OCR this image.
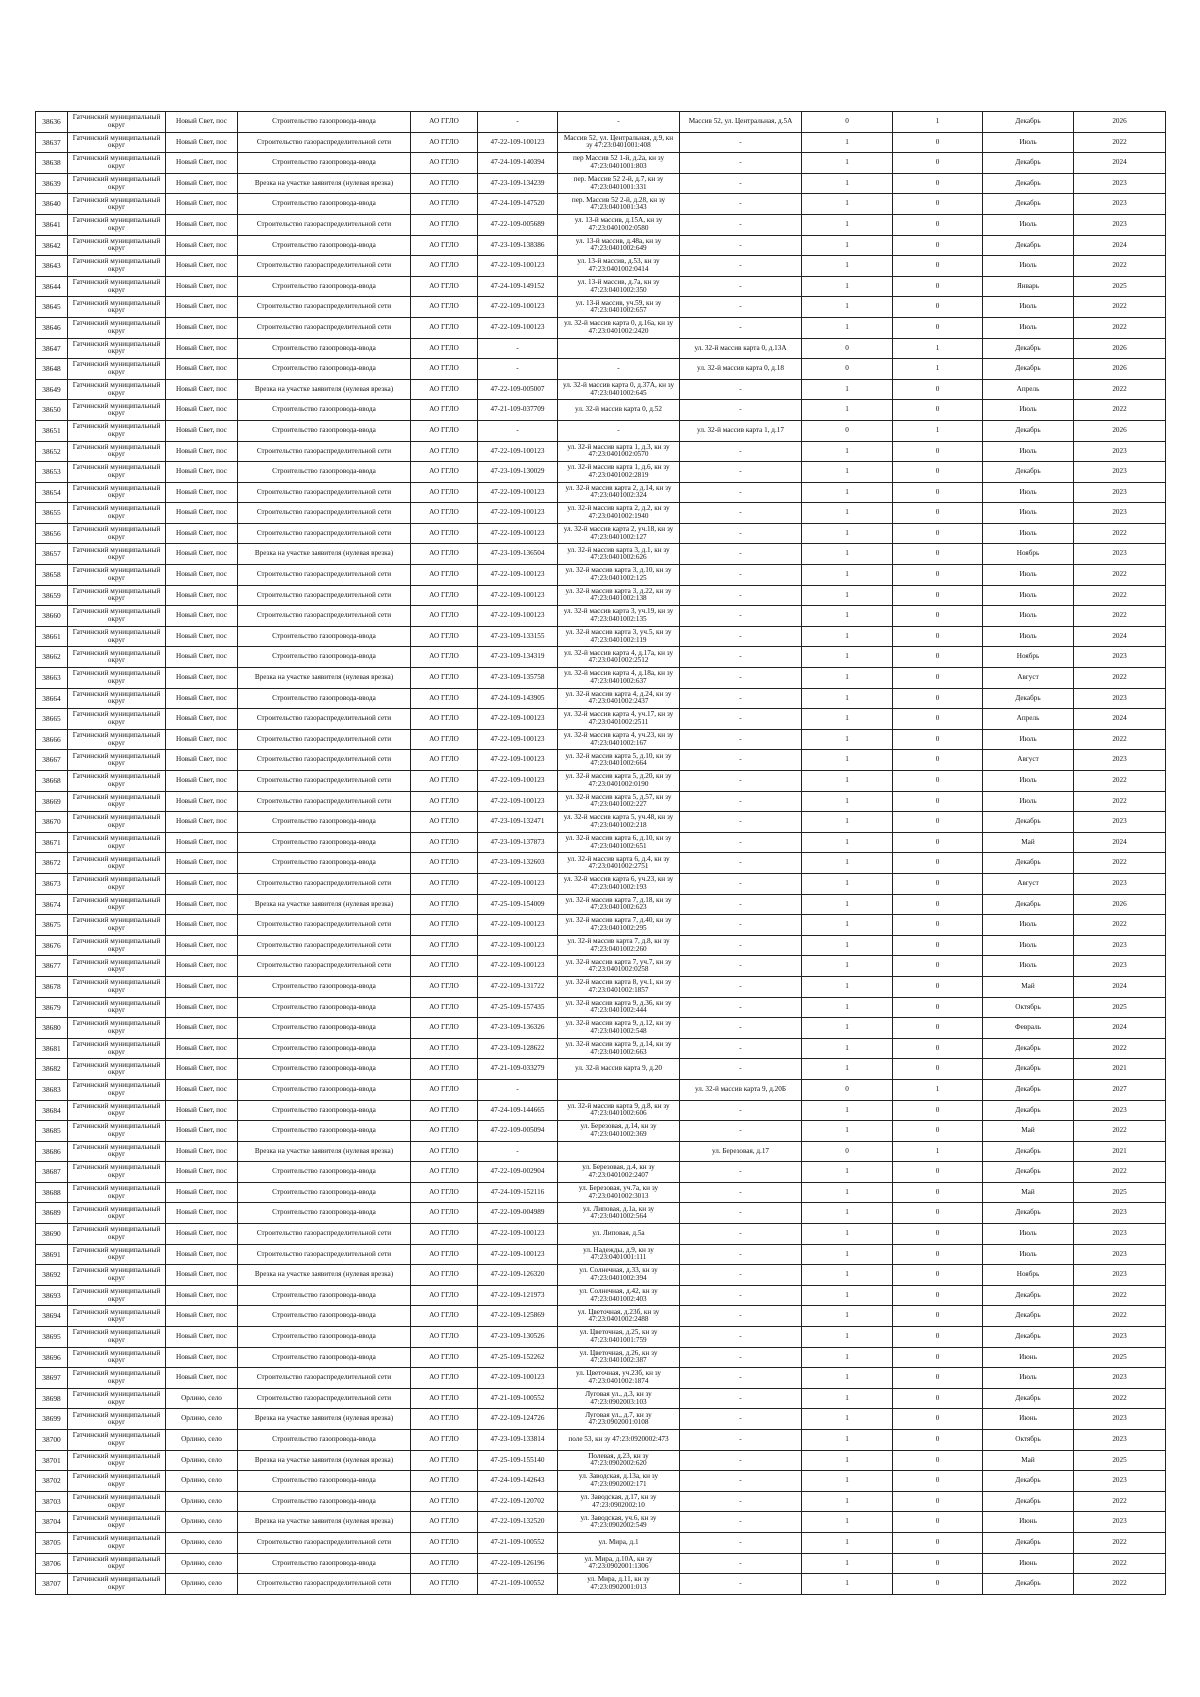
38636	Гатчинский муниципальный округ	Новый Свет, пос	Строительство газопровода-ввода	АО ГГЛО	-	-	Массив 52, ул. Центральная, д.5А	0	1	Декабрь	2026
38637	Гатчинский муниципальный округ	Новый Свет, пос	Строительство газораспределительной сети	АО ГГЛО	47-22-109-100123	Массив 52, ул. Центральная, д.9, кн зу 47:23:0401001:408	-	1	0	Июль	2022
38638	Гатчинский муниципальный округ	Новый Свет, пос	Строительство газопровода-ввода	АО ГГЛО	47-24-109-140394	пер Массив 52 1-й, д.2а, кн зу 47:23:0401001:803	-	1	0	Декабрь	2024
38639	Гатчинский муниципальный округ	Новый Свет, пос	Врезка на участке заявителя (нулевая врезка)	АО ГГЛО	47-23-109-134239	пер. Массив 52 2-й, д.7, кн зу 47:23:0401001:331	-	1	0	Декабрь	2023
38640	Гатчинский муниципальный округ	Новый Свет, пос	Строительство газопровода-ввода	АО ГГЛО	47-24-109-147520	пер. Массив 52 2-й, д.28, кн зу 47:23:0401001:343	-	1	0	Декабрь	2023
38641	Гатчинский муниципальный округ	Новый Свет, пос	Строительство газораспределительной сети	АО ГГЛО	47-22-109-005689	ул. 13-й массив, д.15А, кн зу 47:23:0401002:0580	-	1	0	Июль	2023
38642	Гатчинский муниципальный округ	Новый Свет, пос	Строительство газопровода-ввода	АО ГГЛО	47-23-109-138386	ул. 13-й массив, д.48а, кн зу 47:23:0401002:649	-	1	0	Декабрь	2024
38643	Гатчинский муниципальный округ	Новый Свет, пос	Строительство газораспределительной сети	АО ГГЛО	47-22-109-100123	ул. 13-й массив, д.53, кн зу 47:23:0401002:0414	-	1	0	Июль	2022
38644	Гатчинский муниципальный округ	Новый Свет, пос	Строительство газопровода-ввода	АО ГГЛО	47-24-109-149152	ул. 13-й массив, д.7а, кн зу 47:23:0401002:350	-	1	0	Январь	2025
38645	Гатчинский муниципальный округ	Новый Свет, пос	Строительство газораспределительной сети	АО ГГЛО	47-22-109-100123	ул. 13-й массив, уч.59, кн зу 47:23:0401002:657	-	1	0	Июль	2022
38646	Гатчинский муниципальный округ	Новый Свет, пос	Строительство газораспределительной сети	АО ГГЛО	47-22-109-100123	ул. 32-й массив карта 0, д.16а, кн зу 47:23:0401002:2420	-	1	0	Июль	2022
38647	Гатчинский муниципальный округ	Новый Свет, пос	Строительство газопровода-ввода	АО ГГЛО	-		ул. 32-й массив карта 0, д.13А	0	1	Декабрь	2026
38648	Гатчинский муниципальный округ	Новый Свет, пос	Строительство газопровода-ввода	АО ГГЛО	-	-	ул. 32-й массив карта 0, д.18	0	1	Декабрь	2026
38649	Гатчинский муниципальный округ	Новый Свет, пос	Врезка на участке заявителя (нулевая врезка)	АО ГГЛО	47-22-109-005007	ул. 32-й массив карта 0, д.37А, кн зу 47:23:0401002:645	-	1	0	Апрель	2022
38650	Гатчинский муниципальный округ	Новый Свет, пос	Строительство газопровода-ввода	АО ГГЛО	47-21-109-037709	ул. 32-й массив карта 0, д.52	-	1	0	Июль	2022
38651	Гатчинский муниципальный округ	Новый Свет, пос	Строительство газопровода-ввода	АО ГГЛО	-	-	ул. 32-й массив карта 1, д.17	0	1	Декабрь	2026
38652	Гатчинский муниципальный округ	Новый Свет, пос	Строительство газораспределительной сети	АО ГГЛО	47-22-109-100123	ул. 32-й массив карта 1, д.3, кн зу 47:23:0401002:0570	-	1	0	Июль	2023
38653	Гатчинский муниципальный округ	Новый Свет, пос	Строительство газопровода-ввода	АО ГГЛО	47-23-109-130029	ул. 32-й массив карта 1, д.6, кн зу 47:23:0401002:2819	-	1	0	Декабрь	2023
38654	Гатчинский муниципальный округ	Новый Свет, пос	Строительство газораспределительной сети	АО ГГЛО	47-22-109-100123	ул. 32-й массив карта 2, д.14, кн зу 47:23:0401002:324	-	1	0	Июль	2023
38655	Гатчинский муниципальный округ	Новый Свет, пос	Строительство газораспределительной сети	АО ГГЛО	47-22-109-100123	ул. 32-й массив карта 2, д.2, кн зу 47:23:0401002:1940	-	1	0	Июль	2023
38656	Гатчинский муниципальный округ	Новый Свет, пос	Строительство газораспределительной сети	АО ГГЛО	47-22-109-100123	ул. 32-й массив карта 2, уч.18, кн зу 47:23:0401002:127	-	1	0	Июль	2022
38657	Гатчинский муниципальный округ	Новый Свет, пос	Врезка на участке заявителя (нулевая врезка)	АО ГГЛО	47-23-109-136504	ул. 32-й массив карта 3, д.1, кн зу 47:23:0401002:626	-	1	0	Ноябрь	2023
38658	Гатчинский муниципальный округ	Новый Свет, пос	Строительство газораспределительной сети	АО ГГЛО	47-22-109-100123	ул. 32-й массив карта 3, д.10, кн зу 47:23:0401002:125	-	1	0	Июль	2022
38659	Гатчинский муниципальный округ	Новый Свет, пос	Строительство газораспределительной сети	АО ГГЛО	47-22-109-100123	ул. 32-й массив карта 3, д.22, кн зу 47:23:0401002:138	-	1	0	Июль	2022
38660	Гатчинский муниципальный округ	Новый Свет, пос	Строительство газораспределительной сети	АО ГГЛО	47-22-109-100123	ул. 32-й массив карта 3, уч.19, кн зу 47:23:0401002:135	-	1	0	Июль	2022
38661	Гатчинский муниципальный округ	Новый Свет, пос	Строительство газопровода-ввода	АО ГГЛО	47-23-109-133155	ул. 32-й массив карта 3, уч.5, кн зу 47:23:0401002:119	-	1	0	Июль	2024
38662	Гатчинский муниципальный округ	Новый Свет, пос	Строительство газопровода-ввода	АО ГГЛО	47-23-109-134319	ул. 32-й массив карта 4, д.17а, кн зу 47:23:0401002:2512	-	1	0	Ноябрь	2023
38663	Гатчинский муниципальный округ	Новый Свет, пос	Врезка на участке заявителя (нулевая врезка)	АО ГГЛО	47-23-109-135758	ул. 32-й массив карта 4, д.18а, кн зу 47:23:0401002:637	-	1	0	Август	2022
38664	Гатчинский муниципальный округ	Новый Свет, пос	Строительство газопровода-ввода	АО ГГЛО	47-24-109-143905	ул. 32-й массив карта 4, д.24, кн зу 47:23:0401002:2437	-	1	0	Декабрь	2023
38665	Гатчинский муниципальный округ	Новый Свет, пос	Строительство газораспределительной сети	АО ГГЛО	47-22-109-100123	ул. 32-й массив карта 4, уч.17, кн зу 47:23:0401002:2511	-	1	0	Апрель	2024
38666	Гатчинский муниципальный округ	Новый Свет, пос	Строительство газораспределительной сети	АО ГГЛО	47-22-109-100123	ул. 32-й массив карта 4, уч.23, кн зу 47:23:0401002:167	-	1	0	Июль	2022
38667	Гатчинский муниципальный округ	Новый Свет, пос	Строительство газораспределительной сети	АО ГГЛО	47-22-109-100123	ул. 32-й массив карта 5, д.10, кн зу 47:23:0401002:664	-	1	0	Август	2023
38668	Гатчинский муниципальный округ	Новый Свет, пос	Строительство газораспределительной сети	АО ГГЛО	47-22-109-100123	ул. 32-й массив карта 5, д.20, кн зу 47:23:0401002:0190	-	1	0	Июль	2022
38669	Гатчинский муниципальный округ	Новый Свет, пос	Строительство газораспределительной сети	АО ГГЛО	47-22-109-100123	ул. 32-й массив карта 5, д.57, кн зу 47:23:0401002:227	-	1	0	Июль	2022
38670	Гатчинский муниципальный округ	Новый Свет, пос	Строительство газопровода-ввода	АО ГГЛО	47-23-109-132471	ул. 32-й массив карта 5, уч.48, кн зу 47:23:0401002:218	-	1	0	Декабрь	2023
38671	Гатчинский муниципальный округ	Новый Свет, пос	Строительство газопровода-ввода	АО ГГЛО	47-23-109-137873	ул. 32-й массив карта 6, д.10, кн зу 47:23:0401002:651	-	1	0	Май	2024
38672	Гатчинский муниципальный округ	Новый Свет, пос	Строительство газопровода-ввода	АО ГГЛО	47-23-109-132603	ул. 32-й массив карта 6, д.4, кн зу 47:23:0401002:2751	-	1	0	Декабрь	2022
38673	Гатчинский муниципальный округ	Новый Свет, пос	Строительство газораспределительной сети	АО ГГЛО	47-22-109-100123	ул. 32-й массив карта 6, уч.23, кн зу 47:23:0401002:193	-	1	0	Август	2023
38674	Гатчинский муниципальный округ	Новый Свет, пос	Врезка на участке заявителя (нулевая врезка)	АО ГГЛО	47-25-109-154009	ул. 32-й массив карта 7, д.18, кн зу 47:23:0401002:623	-	1	0	Декабрь	2026
38675	Гатчинский муниципальный округ	Новый Свет, пос	Строительство газораспределительной сети	АО ГГЛО	47-22-109-100123	ул. 32-й массив карта 7, д.40, кн зу 47:23:0401002:295	-	1	0	Июль	2022
38676	Гатчинский муниципальный округ	Новый Свет, пос	Строительство газораспределительной сети	АО ГГЛО	47-22-109-100123	ул. 32-й массив карта 7, д.8, кн зу 47:23:0401002:260	-	1	0	Июль	2023
38677	Гатчинский муниципальный округ	Новый Свет, пос	Строительство газораспределительной сети	АО ГГЛО	47-22-109-100123	ул. 32-й массив карта 7, уч.7, кн зу 47:23:0401002:0258	-	1	0	Июль	2023
38678	Гатчинский муниципальный округ	Новый Свет, пос	Строительство газопровода-ввода	АО ГГЛО	47-22-109-131722	ул. 32-й массив карта 8, уч.1, кн зу 47:23:0401002:1857	-	1	0	Май	2024
38679	Гатчинский муниципальный округ	Новый Свет, пос	Строительство газопровода-ввода	АО ГГЛО	47-25-109-157435	ул. 32-й массив карта 9, д.36, кн зу 47:23:0401002:444	-	1	0	Октябрь	2025
38680	Гатчинский муниципальный округ	Новый Свет, пос	Строительство газопровода-ввода	АО ГГЛО	47-23-109-136326	ул. 32-й массив карта 9, д.12, кн зу 47:23:0401002:548	-	1	0	Февраль	2024
38681	Гатчинский муниципальный округ	Новый Свет, пос	Строительство газопровода-ввода	АО ГГЛО	47-23-109-128622	ул. 32-й массив карта 9, д.14, кн зу 47:23:0401002:663	-	1	0	Декабрь	2022
38682	Гатчинский муниципальный округ	Новый Свет, пос	Строительство газопровода-ввода	АО ГГЛО	47-21-109-033279	ул. 32-й массив карта 9, д.20	-	1	0	Декабрь	2021
38683	Гатчинский муниципальный округ	Новый Свет, пос	Строительство газопровода-ввода	АО ГГЛО	-		ул. 32-й массив карта 9, д.20Б	0	1	Декабрь	2027
38684	Гатчинский муниципальный округ	Новый Свет, пос	Строительство газопровода-ввода	АО ГГЛО	47-24-109-144665	ул. 32-й массив карта 9, д.8, кн зу 47:23:0401002:606	-	1	0	Декабрь	2023
38685	Гатчинский муниципальный округ	Новый Свет, пос	Строительство газопровода-ввода	АО ГГЛО	47-22-109-005094	ул. Березовая, д.14, кн зу 47:23:0401002:369	-	1	0	Май	2022
38686	Гатчинский муниципальный округ	Новый Свет, пос	Врезка на участке заявителя (нулевая врезка)	АО ГГЛО	-		ул. Березовая, д.17	0	1	Декабрь	2021
38687	Гатчинский муниципальный округ	Новый Свет, пос	Строительство газопровода-ввода	АО ГГЛО	47-22-109-002904	ул. Березовая, д.4, кн зу 47:23:0401002:2407	-	1	0	Декабрь	2022
38688	Гатчинский муниципальный округ	Новый Свет, пос	Строительство газопровода-ввода	АО ГГЛО	47-24-109-152116	ул. Березовая, уч.7а, кн зу 47:23:0401002:3013	-	1	0	Май	2025
38689	Гатчинский муниципальный округ	Новый Свет, пос	Строительство газопровода-ввода	АО ГГЛО	47-22-109-004989	ул. Липовая, д.1а, кн зу 47:23:0401002:564	-	1	0	Декабрь	2023
38690	Гатчинский муниципальный округ	Новый Свет, пос	Строительство газораспределительной сети	АО ГГЛО	47-22-109-100123	ул. Липовая, д.5а	-	1	0	Июль	2023
38691	Гатчинский муниципальный округ	Новый Свет, пос	Строительство газораспределительной сети	АО ГГЛО	47-22-109-100123	ул. Надежды, д.9, кн зу 47:23:0401001:111	-	1	0	Июль	2023
38692	Гатчинский муниципальный округ	Новый Свет, пос	Врезка на участке заявителя (нулевая врезка)	АО ГГЛО	47-22-109-126320	ул. Солнечная, д.33, кн зу 47:23:0401002:394	-	1	0	Ноябрь	2023
38693	Гатчинский муниципальный округ	Новый Свет, пос	Строительство газопровода-ввода	АО ГГЛО	47-22-109-121973	ул. Солнечная, д.42, кн зу 47:23:0401002:403	-	1	0	Декабрь	2022
38694	Гатчинский муниципальный округ	Новый Свет, пос	Строительство газопровода-ввода	АО ГГЛО	47-22-109-125869	ул. Цветочная, д.23б, кн зу 47:23:0401002:2488	-	1	0	Декабрь	2022
38695	Гатчинский муниципальный округ	Новый Свет, пос	Строительство газопровода-ввода	АО ГГЛО	47-23-109-130526	ул. Цветочная, д.25, кн зу 47:23:0401001:759	-	1	0	Декабрь	2023
38696	Гатчинский муниципальный округ	Новый Свет, пос	Строительство газопровода-ввода	АО ГГЛО	47-25-109-152262	ул. Цветочная, д.26, кн зу 47:23:0401002:387	-	1	0	Июнь	2025
38697	Гатчинский муниципальный округ	Новый Свет, пос	Строительство газораспределительной сети	АО ГГЛО	47-22-109-100123	ул. Цветочная, уч.23б, кн зу 47:23:0401002:1874	-	1	0	Июль	2023
38698	Гатчинский муниципальный округ	Орлино, село	Строительство газораспределительной сети	АО ГГЛО	47-21-109-100552	Луговая ул., д.3, кн зу 47:23:0902003:103	-	1	0	Декабрь	2022
38699	Гатчинский муниципальный округ	Орлино, село	Врезка на участке заявителя (нулевая врезка)	АО ГГЛО	47-22-109-124726	Луговая ул., д.7, кн зу 47:23:0902001:0108	-	1	0	Июнь	2023
38700	Гатчинский муниципальный округ	Орлино, село	Строительство газопровода-ввода	АО ГГЛО	47-23-109-133814	поле 53, кн зу 47:23:0920002:473	-	1	0	Октябрь	2023
38701	Гатчинский муниципальный округ	Орлино, село	Врезка на участке заявителя (нулевая врезка)	АО ГГЛО	47-25-109-155140	Полевая, д.23, кн зу 47:23:0902002:620	-	1	0	Май	2025
38702	Гатчинский муниципальный округ	Орлино, село	Строительство газопровода-ввода	АО ГГЛО	47-24-109-142643	ул. Заводская, д.13а, кн зу 47:23:0902002:171	-	1	0	Декабрь	2023
38703	Гатчинский муниципальный округ	Орлино, село	Строительство газопровода-ввода	АО ГГЛО	47-22-109-120702	ул. Заводская, д.17, кн зу 47:23:0902002:10	-	1	0	Декабрь	2022
38704	Гатчинский муниципальный округ	Орлино, село	Врезка на участке заявителя (нулевая врезка)	АО ГГЛО	47-22-109-132520	ул. Заводская, уч.6, кн зу 47:23:0902002:549	-	1	0	Июнь	2023
38705	Гатчинский муниципальный округ	Орлино, село	Строительство газораспределительной сети	АО ГГЛО	47-21-109-100552	ул. Мира, д.1	-	1	0	Декабрь	2022
38706	Гатчинский муниципальный округ	Орлино, село	Строительство газопровода-ввода	АО ГГЛО	47-22-109-126196	ул. Мира, д.10А, кн зу 47:23:0902001:1306	-	1	0	Июнь	2022
38707	Гатчинский муниципальный округ	Орлино, село	Строительство газораспределительной сети	АО ГГЛО	47-21-109-100552	ул. Мира, д.11, кн зу 47:23:0902001:013	-	1	0	Декабрь	2022
